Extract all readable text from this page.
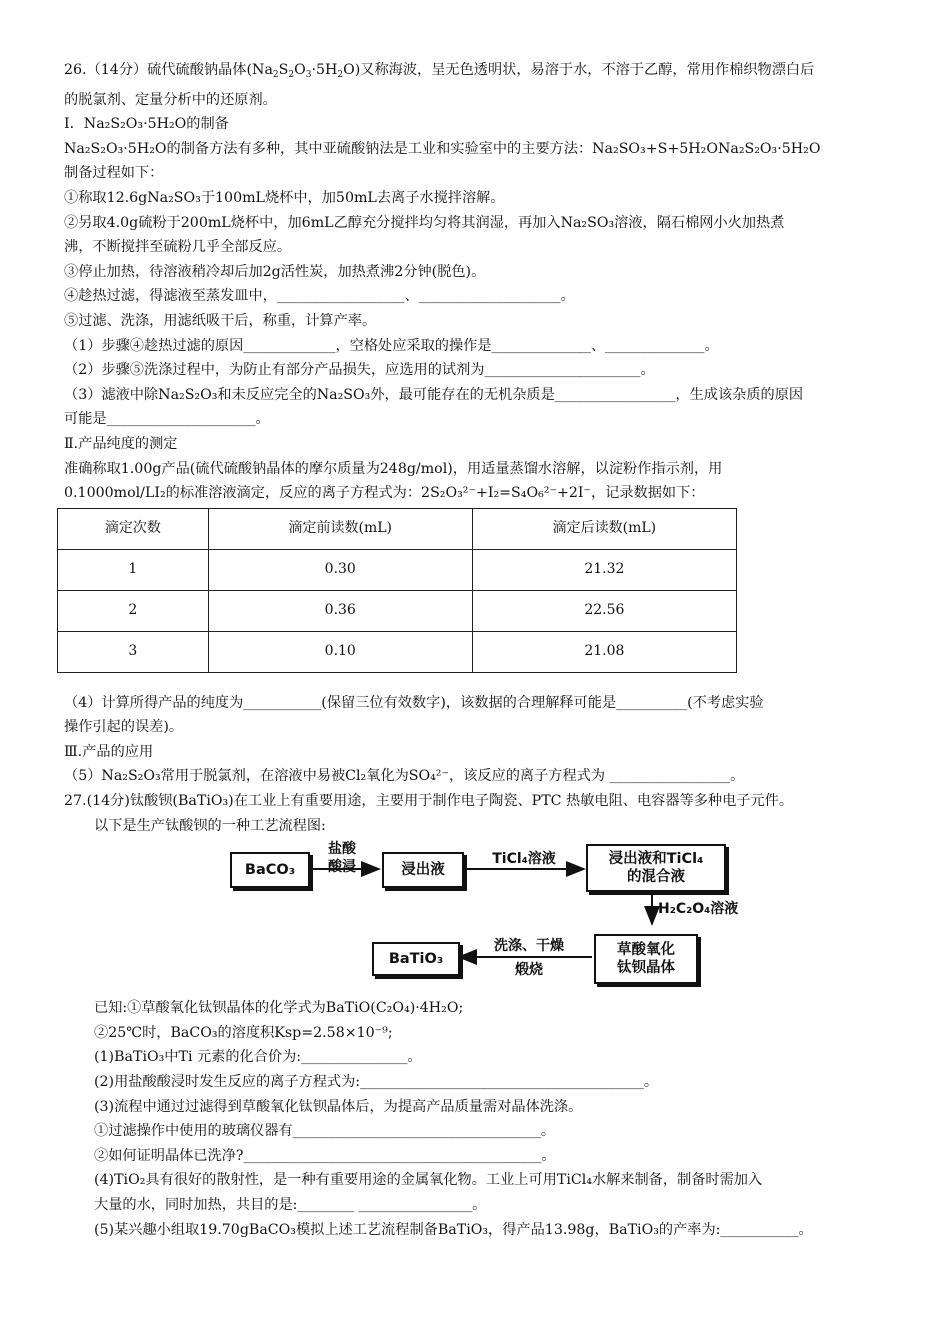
26.（14分）硫代硫酸钠晶体$(Na_2S_2O_3\cdot 5H_2O)$又称海波，呈无色透明状，易溶于水，不溶于乙醇，常用作棉织物漂白后
的脱氯剂、定量分析中的还原剂。
Ⅰ．Na₂S₂O₃·5H₂O的制备
Na₂S₂O₃·5H₂O的制备方法有多种，其中亚硫酸钠法是工业和实验室中的主要方法：Na₂SO₃+S+5H₂ONa₂S₂O₃·5H₂O
制备过程如下：
①称取12.6gNa₂SO₃于100mL烧杯中，加50mL去离子水搅拌溶解。
②另取4.0g硫粉于200mL烧杯中，加6mL乙醇充分搅拌均匀将其润湿，再加入Na₂SO₃溶液，隔石棉网小火加热煮
沸，不断搅拌至硫粉几乎全部反应。
③停止加热，待溶液稍冷却后加2g活性炭，加热煮沸2分钟(脱色)。
④趁热过滤，得滤液至蒸发皿中，__________________、____________________。
⑤过滤、洗涤，用滤纸吸干后，称重，计算产率。
（1）步骤④趁热过滤的原因_____________，空格处应采取的操作是______________、______________。
（2）步骤⑤洗涤过程中，为防止有部分产品损失，应选用的试剂为______________________。
（3）滤液中除Na₂S₂O₃和未反应完全的Na₂SO₃外，最可能存在的无机杂质是_________________，生成该杂质的原因
可能是_____________________。
Ⅱ.产品纯度的测定
准确称取1.00g产品(硫代硫酸钠晶体的摩尔质量为248g/mol)，用适量蒸馏水溶解，以淀粉作指示剂，用
0.1000mol/LI₂的标准溶液滴定，反应的离子方程式为：2S₂O₃²⁻+I₂=S₄O₆²⁻+2I⁻，记录数据如下：
滴定次数	滴定前读数(mL)	滴定后读数(mL)
1	0.30	21.32
2	0.36	22.56
3	0.10	21.08
（4）计算所得产品的纯度为___________(保留三位有效数字)，该数据的合理解释可能是__________(不考虑实验
操作引起的误差)。
Ⅲ.产品的应用
（5）Na₂S₂O₃常用于脱氯剂，在溶液中易被Cl₂氧化为SO₄²⁻，该反应的离子方程式为 _________________。
27.(14分)钛酸钡(BaTiO₃)在工业上有重要用途，主要用于制作电子陶瓷、PTC 热敏电阻、电容器等多种电子元件。
以下是生产钛酸钡的一种工艺流程图:
BaCO₃
盐酸
酸浸	浸出液
TiCl₄溶液	浸出液和TiCl₄
的混合液
H₂C₂O₄溶液
草酸氧化
钛钡晶体
洗涤、干燥
煅烧
BaTiO₃
已知:①草酸氧化钛钡晶体的化学式为BaTiO(C₂O₄)·4H₂O;
②25℃时，BaCO₃的溶度积Ksp=2.58×10⁻⁹;
(1)BaTiO₃中Ti 元素的化合价为:_______________。
(2)用盐酸酸浸时发生反应的离子方程式为:________________________________________。
(3)流程中通过过滤得到草酸氧化钛钡晶体后，为提高产品质量需对晶体洗涤。
①过滤操作中使用的玻璃仪器有___________________________________。
②如何证明晶体已洗净?__________________________________________。
(4)TiO₂具有很好的散射性，是一种有重要用途的金属氧化物。工业上可用TiCl₄水解来制备，制备时需加入
大量的水，同时加热，共目的是:________ ________________。
(5)某兴趣小组取19.70gBaCO₃模拟上述工艺流程制备BaTiO₃，得产品13.98g，BaTiO₃的产率为:___________。
